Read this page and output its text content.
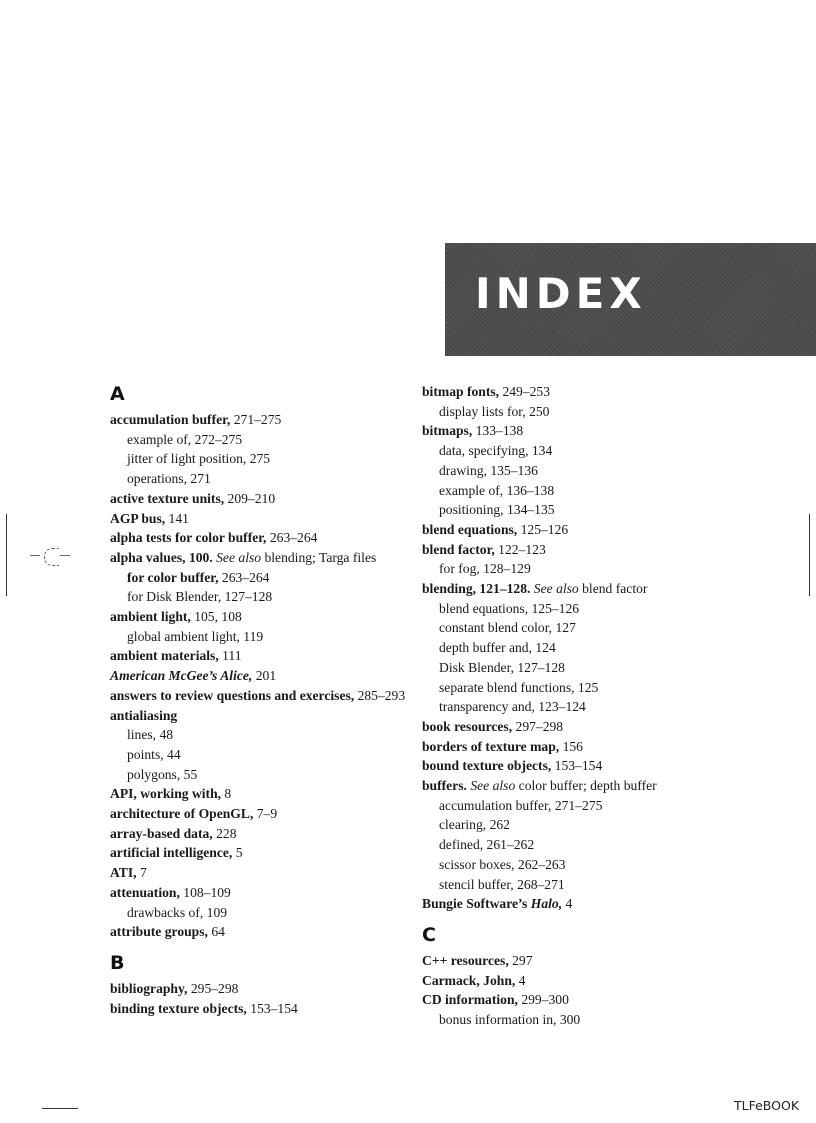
INDEX
A
accumulation buffer, 271–275
example of, 272–275
jitter of light position, 275
operations, 271
active texture units, 209–210
AGP bus, 141
alpha tests for color buffer, 263–264
alpha values, 100. See also blending; Targa files
for color buffer, 263–264
for Disk Blender, 127–128
ambient light, 105, 108
global ambient light, 119
ambient materials, 111
American McGee’s Alice, 201
answers to review questions and exercises, 285–293
antialiasing
lines, 48
points, 44
polygons, 55
API, working with, 8
architecture of OpenGL, 7–9
array-based data, 228
artificial intelligence, 5
ATI, 7
attenuation, 108–109
drawbacks of, 109
attribute groups, 64
B
bibliography, 295–298
binding texture objects, 153–154
bitmap fonts, 249–253
display lists for, 250
bitmaps, 133–138
data, specifying, 134
drawing, 135–136
example of, 136–138
positioning, 134–135
blend equations, 125–126
blend factor, 122–123
for fog, 128–129
blending, 121–128. See also blend factor
blend equations, 125–126
constant blend color, 127
depth buffer and, 124
Disk Blender, 127–128
separate blend functions, 125
transparency and, 123–124
book resources, 297–298
borders of texture map, 156
bound texture objects, 153–154
buffers. See also color buffer; depth buffer
accumulation buffer, 271–275
clearing, 262
defined, 261–262
scissor boxes, 262–263
stencil buffer, 268–271
Bungie Software’s Halo, 4
C
C++ resources, 297
Carmack, John, 4
CD information, 299–300
bonus information in, 300
TLFeBOOK
